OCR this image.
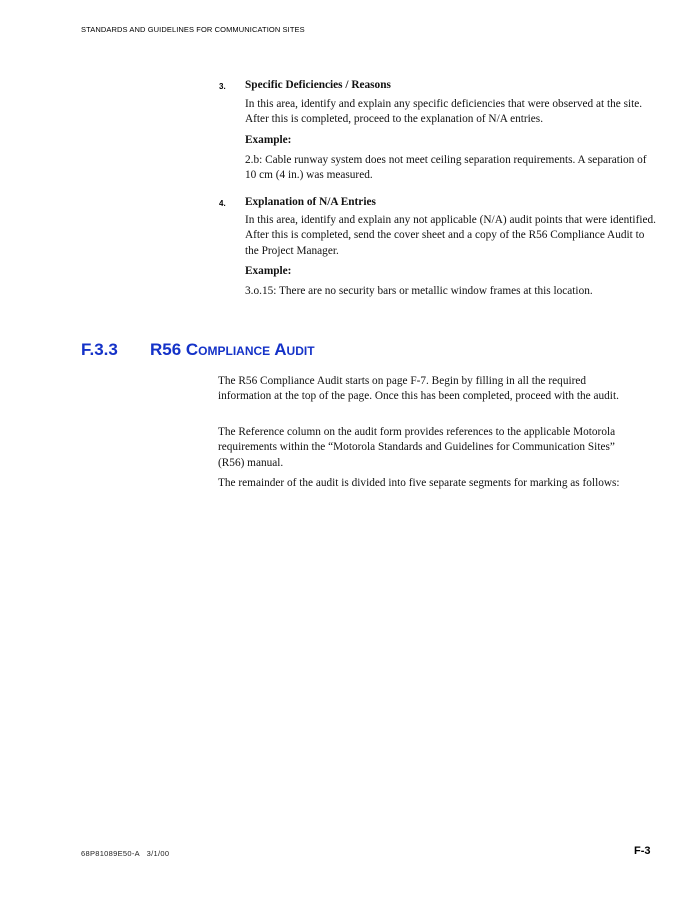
STANDARDS AND GUIDELINES FOR COMMUNICATION SITES
3. Specific Deficiencies / Reasons

In this area, identify and explain any specific deficiencies that were observed at the site. After this is completed, proceed to the explanation of N/A entries.

Example:

2.b: Cable runway system does not meet ceiling separation requirements. A separation of 10 cm (4 in.) was measured.

4. Explanation of N/A Entries

In this area, identify and explain any not applicable (N/A) audit points that were identified. After this is completed, send the cover sheet and a copy of the R56 Compliance Audit to the Project Manager.

Example:

3.o.15: There are no security bars or metallic window frames at this location.

F.3.3 R56 Compliance Audit

The R56 Compliance Audit starts on page F-7. Begin by filling in all the required information at the top of the page. Once this has been completed, proceed with the audit.

The Reference column on the audit form provides references to the applicable Motorola requirements within the “Motorola Standards and Guidelines for Communication Sites” (R56) manual.

The remainder of the audit is divided into five separate segments for marking as follows:

68P81089E50-A   3/1/00	F-3
